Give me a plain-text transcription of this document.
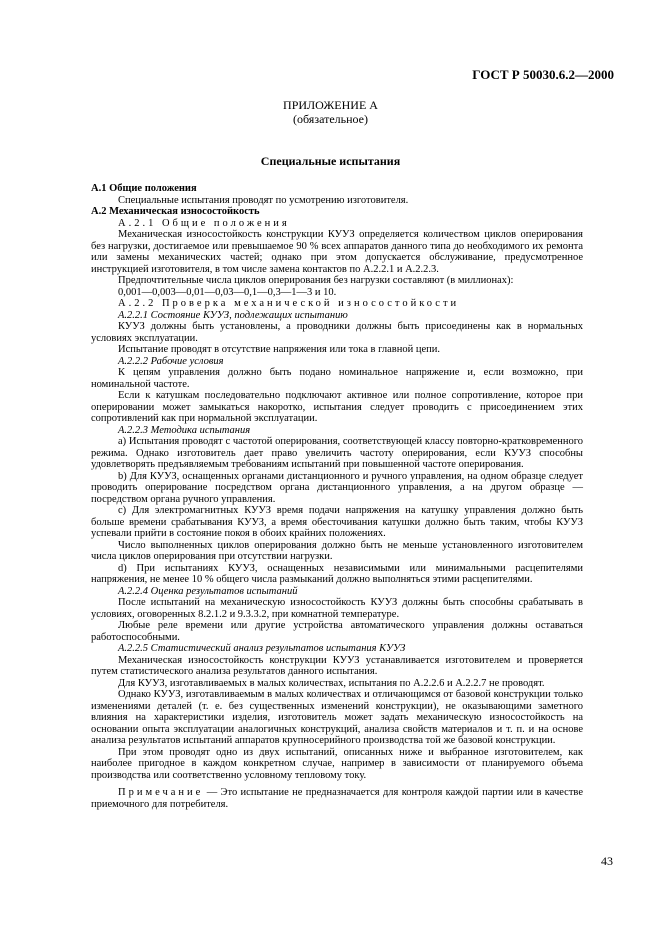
ГОСТ Р 50030.6.2—2000
ПРИЛОЖЕНИЕ А
(обязательное)
Специальные испытания

А.1 Общие положения

Специальные испытания проводят по усмотрению изготовителя.

А.2 Механическая износостойкость

А.2.1 Общие положения

Механическая износостойкость конструкции КУУЗ определяется количеством циклов оперирования без нагрузки, достигаемое или превышаемое 90 % всех аппаратов данного типа до необходимого их ремонта или замены механических частей; однако при этом допускается обслуживание, предусмотренное инструкцией изготовителя, в том числе замена контактов по А.2.2.1 и А.2.2.3.

Предпочтительные числа циклов оперирования без нагрузки составляют (в миллионах):

0,001—0,003—0,01—0,03—0,1—0,3—1—3 и 10.

А.2.2 Проверка механической износостойкости

А.2.2.1 Состояние КУУЗ, подлежащих испытанию

КУУЗ должны быть установлены, а проводники должны быть присоединены как в нормальных условиях эксплуатации.

Испытание проводят в отсутствие напряжения или тока в главной цепи.

А.2.2.2 Рабочие условия

К цепям управления должно быть подано номинальное напряжение и, если возможно, при номинальной частоте.

Если к катушкам последовательно подключают активное или полное сопротивление, которое при оперировании может замыкаться накоротко, испытания следует проводить с присоединением этих сопротивлений как при нормальной эксплуатации.

А.2.2.3 Методика испытания

а) Испытания проводят с частотой оперирования, соответствующей классу повторно-кратковременного режима. Однако изготовитель дает право увеличить частоту оперирования, если КУУЗ способны удовлетворять предъявляемым требованиям испытаний при повышенной частоте оперирования.

b) Для КУУЗ, оснащенных органами дистанционного и ручного управления, на одном образце следует проводить оперирование посредством органа дистанционного управления, а на другом образце — посредством органа ручного управления.

с) Для электромагнитных КУУЗ время подачи напряжения на катушку управления должно быть больше времени срабатывания КУУЗ, а время обесточивания катушки должно быть таким, чтобы КУУЗ успевали прийти в состояние покоя в обоих крайних положениях.

Число выполненных циклов оперирования должно быть не меньше установленного изготовителем числа циклов оперирования при отсутствии нагрузки.

d) При испытаниях КУУЗ, оснащенных независимыми или минимальными расцепителями напряжения, не менее 10 % общего числа размыканий должно выполняться этими расцепителями.

А.2.2.4 Оценка результатов испытаний

После испытаний на механическую износостойкость КУУЗ должны быть способны срабатывать в условиях, оговоренных 8.2.1.2 и 9.3.3.2, при комнатной температуре.

Любые реле времени или другие устройства автоматического управления должны оставаться работоспособными.

А.2.2.5 Статистический анализ результатов испытания КУУЗ

Механическая износостойкость конструкции КУУЗ устанавливается изготовителем и проверяется путем статистического анализа результатов данного испытания.

Для КУУЗ, изготавливаемых в малых количествах, испытания по А.2.2.6 и А.2.2.7 не проводят.

Однако КУУЗ, изготавливаемым в малых количествах и отличающимся от базовой конструкции только изменениями деталей (т. е. без существенных изменений конструкции), не оказывающими заметного влияния на характеристики изделия, изготовитель может задать механическую износостойкость на основании опыта эксплуатации аналогичных конструкций, анализа свойств материалов и т. п. и на основе анализа результатов испытаний аппаратов крупносерийного производства той же базовой конструкции.

При этом проводят одно из двух испытаний, описанных ниже и выбранное изготовителем, как наиболее пригодное в каждом конкретном случае, например в зависимости от планируемого объема производства или соответственно условному тепловому току.

Примечание — Это испытание не предназначается для контроля каждой партии или в качестве приемочного для потребителя.

43
